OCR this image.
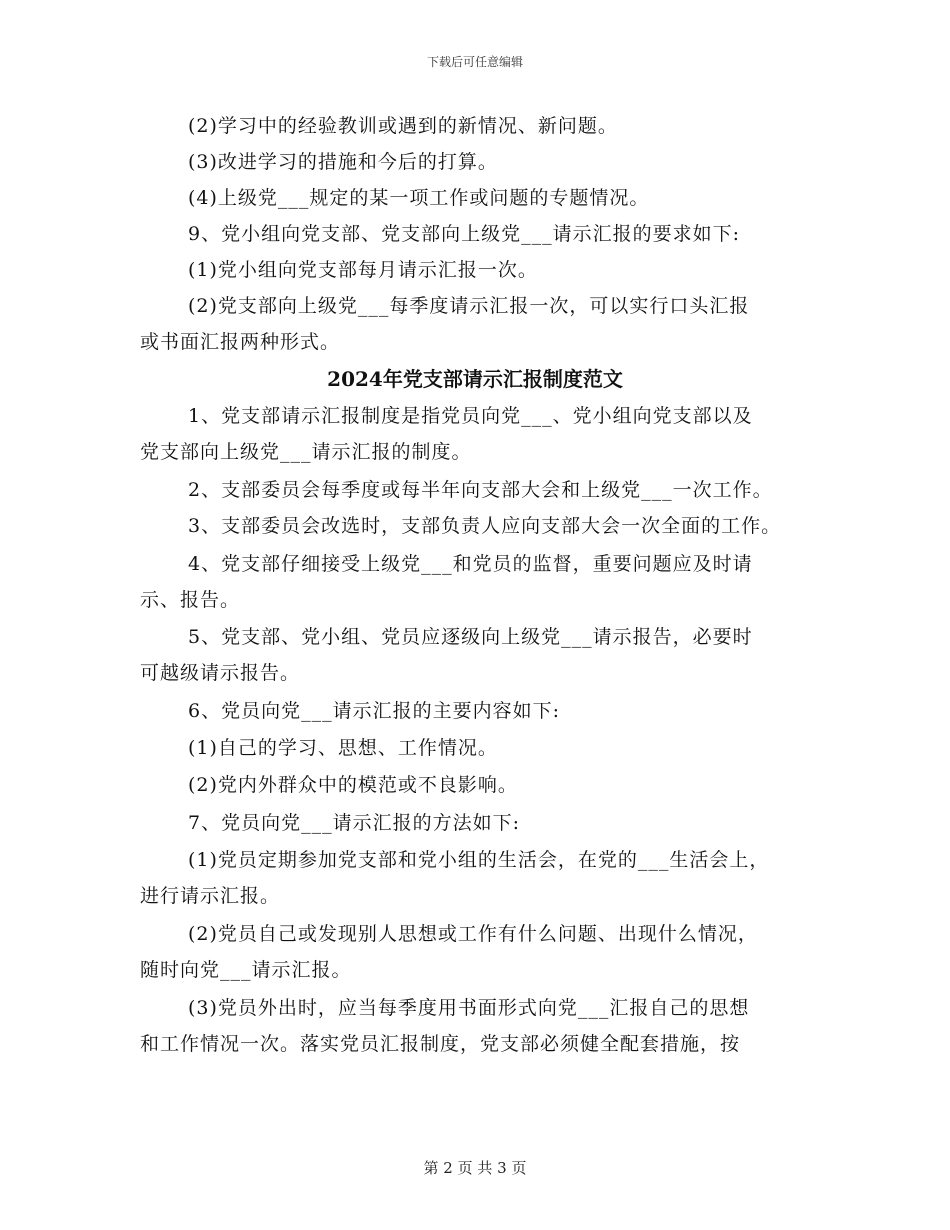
下载后可任意编辑
(2)学习中的经验教训或遇到的新情况、新问题。
(3)改进学习的措施和今后的打算。
(4)上级党___规定的某一项工作或问题的专题情况。
9、党小组向党支部、党支部向上级党___请示汇报的要求如下:
(1)党小组向党支部每月请示汇报一次。
(2)党支部向上级党___每季度请示汇报一次，可以实行口头汇报
或书面汇报两种形式。
2024年党支部请示汇报制度范文
1、党支部请示汇报制度是指党员向党___、党小组向党支部以及
党支部向上级党___请示汇报的制度。
2、支部委员会每季度或每半年向支部大会和上级党___一次工作。
3、支部委员会改选时，支部负责人应向支部大会一次全面的工作。
4、党支部仔细接受上级党___和党员的监督，重要问题应及时请
示、报告。
5、党支部、党小组、党员应逐级向上级党___请示报告，必要时
可越级请示报告。
6、党员向党___请示汇报的主要内容如下:
(1)自己的学习、思想、工作情况。
(2)党内外群众中的模范或不良影响。
7、党员向党___请示汇报的方法如下:
(1)党员定期参加党支部和党小组的生活会，在党的___生活会上，
进行请示汇报。
(2)党员自己或发现别人思想或工作有什么问题、出现什么情况，
随时向党___请示汇报。
(3)党员外出时，应当每季度用书面形式向党___汇报自己的思想
和工作情况一次。落实党员汇报制度，党支部必须健全配套措施，按
第 2 页 共 3 页
